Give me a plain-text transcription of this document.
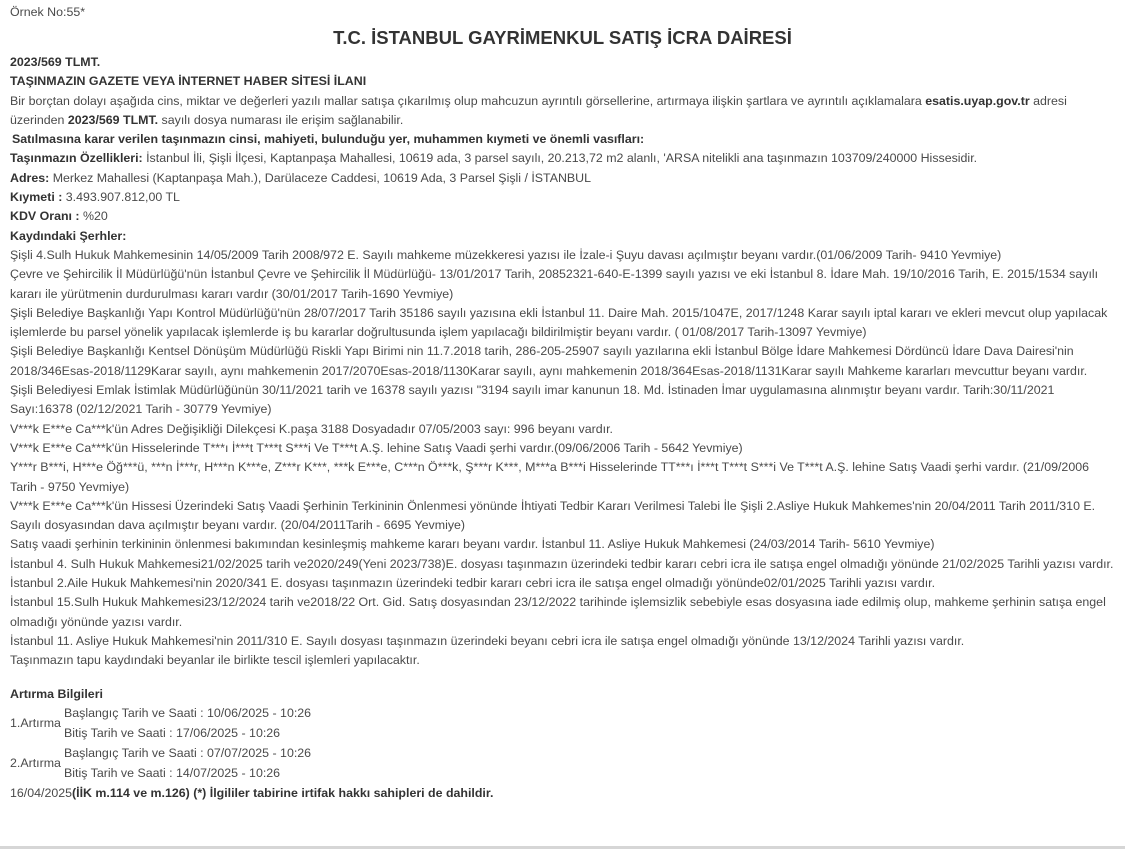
Örnek No:55*
T.C. İSTANBUL GAYRİMENKUL SATIŞ İCRA DAİRESİ

2023/569 TLMT.

TAŞINMAZIN GAZETE VEYA İNTERNET HABER SİTESİ İLANI

Bir borçtan dolayı aşağıda cins, miktar ve değerleri yazılı mallar satışa çıkarılmış olup mahcuzun ayrıntılı görsellerine, artırmaya ilişkin şartlara ve ayrıntılı açıklamalara esatis.uyap.gov.tr adresi üzerinden 2023/569 TLMT. sayılı dosya numarası ile erişim sağlanabilir.

Satılmasına karar verilen taşınmazın cinsi, mahiyeti, bulunduğu yer, muhammen kıymeti ve önemli vasıfları:

Taşınmazın Özellikleri: İstanbul İli, Şişli İlçesi, Kaptanpaşa Mahallesi, 10619 ada, 3 parsel sayılı, 20.213,72 m2 alanlı, 'ARSA nitelikli ana taşınmazın 103709/240000 Hissesidir.

Adres: Merkez Mahallesi (Kaptanpaşa Mah.), Darülaceze Caddesi, 10619 Ada, 3 Parsel Şişli / İSTANBUL

Kıymeti : 3.493.907.812,00 TL

KDV Oranı : %20

Kaydındaki Şerhler:

Şişli 4.Sulh Hukuk Mahkemesinin 14/05/2009 Tarih 2008/972 E. Sayılı mahkeme müzekkeresi yazısı ile İzale-i Şuyu davası açılmıştır beyanı vardır.(01/06/2009 Tarih- 9410 Yevmiye)

Çevre ve Şehircilik İl Müdürlüğü'nün İstanbul Çevre ve Şehircilik İl Müdürlüğü- 13/01/2017 Tarih, 20852321-640-E-1399 sayılı yazısı ve eki İstanbul 8. İdare Mah. 19/10/2016 Tarih, E. 2015/1534 sayılı kararı ile yürütmenin durdurulması kararı vardır (30/01/2017 Tarih-1690 Yevmiye)

Şişli Belediye Başkanlığı Yapı Kontrol Müdürlüğü'nün 28/07/2017 Tarih 35186 sayılı yazısına ekli İstanbul 11. Daire Mah. 2015/1047E, 2017/1248 Karar sayılı iptal kararı ve ekleri mevcut olup yapılacak işlemlerde bu parsel yönelik yapılacak işlemlerde iş bu kararlar doğrultusunda işlem yapılacağı bildirilmiştir beyanı vardır. ( 01/08/2017 Tarih-13097 Yevmiye)

Şişli Belediye Başkanlığı Kentsel Dönüşüm Müdürlüğü Riskli Yapı Birimi nin 11.7.2018 tarih, 286-205-25907 sayılı yazılarına ekli İstanbul Bölge İdare Mahkemesi Dördüncü İdare Dava Dairesi'nin 2018/346Esas-2018/1129Karar sayılı, aynı mahkemenin 2017/2070Esas-2018/1130Karar sayılı, aynı mahkemenin 2018/364Esas-2018/1131Karar sayılı Mahkeme kararları mevcuttur beyanı vardır.

Şişli Belediyesi Emlak İstimlak Müdürlüğünün 30/11/2021 tarih ve 16378 sayılı yazısı "3194 sayılı imar kanunun 18. Md. İstinaden İmar uygulamasına alınmıştır beyanı vardır. Tarih:30/11/2021 Sayı:16378 (02/12/2021 Tarih - 30779 Yevmiye)

V***k E***e Ca***k'ün Adres Değişikliği Dilekçesi K.paşa 3188 Dosyadadır 07/05/2003 sayı: 996 beyanı vardır.

V***k E***e Ca***k'ün Hisselerinde T***ı İ***t T***t S***i Ve T***t A.Ş. lehine Satış Vaadi şerhi vardır.(09/06/2006 Tarih - 5642 Yevmiye)

Y***r B***i, H***e Öğ***ü, ***n İ***r, H***n K***e, Z***r K***, ***k E***e, C***n Ö***k, Ş***r K***, M***a B***i Hisselerinde TT***ı İ***t T***t S***i Ve T***t A.Ş. lehine Satış Vaadi şerhi vardır. (21/09/2006 Tarih - 9750 Yevmiye)

V***k E***e Ca***k'ün Hissesi Üzerindeki Satış Vaadi Şerhinin Terkininin Önlenmesi yönünde İhtiyati Tedbir Kararı Verilmesi Talebi İle Şişli 2.Asliye Hukuk Mahkemes'nin 20/04/2011 Tarih 2011/310 E. Sayılı dosyasından dava açılmıştır beyanı vardır. (20/04/2011Tarih - 6695 Yevmiye)

Satış vaadi şerhinin terkininin önlenmesi bakımından kesinleşmiş mahkeme kararı beyanı vardır. İstanbul 11. Asliye Hukuk Mahkemesi (24/03/2014 Tarih- 5610 Yevmiye)

İstanbul 4. Sulh Hukuk Mahkemesi21/02/2025 tarih ve2020/249(Yeni 2023/738)E. dosyası taşınmazın üzerindeki tedbir kararı cebri icra ile satışa engel olmadığı yönünde 21/02/2025 Tarihli yazısı vardır.

İstanbul 2.Aile Hukuk Mahkemesi'nin 2020/341 E. dosyası taşınmazın üzerindeki tedbir kararı cebri icra ile satışa engel olmadığı yönünde02/01/2025 Tarihli yazısı vardır.

İstanbul 15.Sulh Hukuk Mahkemesi23/12/2024 tarih ve2018/22 Ort. Gid. Satış dosyasından 23/12/2022 tarihinde işlemsizlik sebebiyle esas dosyasına iade edilmiş olup, mahkeme şerhinin satışa engel olmadığı yönünde yazısı vardır.

İstanbul 11. Asliye Hukuk Mahkemesi'nin 2011/310 E. Sayılı dosyası taşınmazın üzerindeki beyanı cebri icra ile satışa engel olmadığı yönünde 13/12/2024 Tarihli yazısı vardır.

Taşınmazın tapu kaydındaki beyanlar ile birlikte tescil işlemleri yapılacaktır.

Artırma Bilgileri

1.Artırma
Başlangıç Tarih ve Saati : 10/06/2025 - 10:26
Bitiş Tarih ve Saati : 17/06/2025 - 10:26
2.Artırma
Başlangıç Tarih ve Saati : 07/07/2025 - 10:26
Bitiş Tarih ve Saati : 14/07/2025 - 10:26

16/04/2025(İİK m.114 ve m.126) (*) İlgililer tabirine irtifak hakkı sahipleri de dahildir.
